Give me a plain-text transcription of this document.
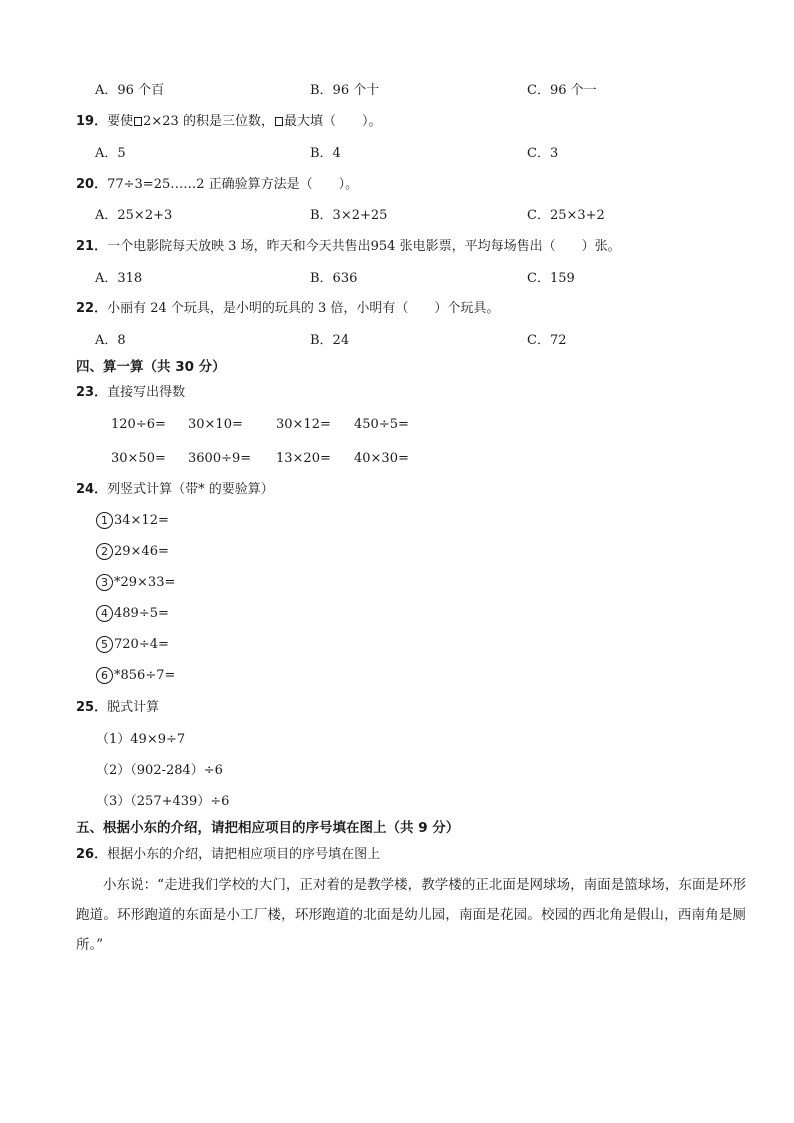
A．96 个百	B．96 个十	C．96 个一
19．要使 2×23 的积是三位数， 最大填（　　）。
A．5	B．4	C．3
20．77÷3=25……2 正确验算方法是（　　）。
A．25×2+3	B．3×2+25	C．25×3+2
21．一个电影院每天放映 3 场，昨天和今天共售出954 张电影票，平均每场售出（　　）张。
A．318	B．636	C．159
22．小丽有 24 个玩具，是小明的玩具的 3 倍，小明有（　　）个玩具。
A．8	B．24	C．72
四、算一算（共 30 分）
23．直接写出得数
120÷6= 30×10=	30×12= 450÷5=
30×50= 3600÷9= 13×20= 40×30=
24．列竖式计算（带* 的要验算）
1 34×12=
2 29×46=
3 *29×33=
4 489÷5=
5 720÷4=
6 *856÷7=
25．脱式计算
（1）49×9÷7
（2）（902-284）÷6
（3）（257+439）÷6
五、根据小东的介绍，请把相应项目的序号填在图上（共 9 分）
26．根据小东的介绍，请把相应项目的序号填在图上
小东说：“走进我们学校的大门，正对着的是教学楼，教学楼的正北面是网球场，南面是篮球场，东面是环形跑道。环形跑道的东面是小工厂楼，环形跑道的北面是幼儿园，南面是花园。校园的西北角是假山，西南角是厕所。”
